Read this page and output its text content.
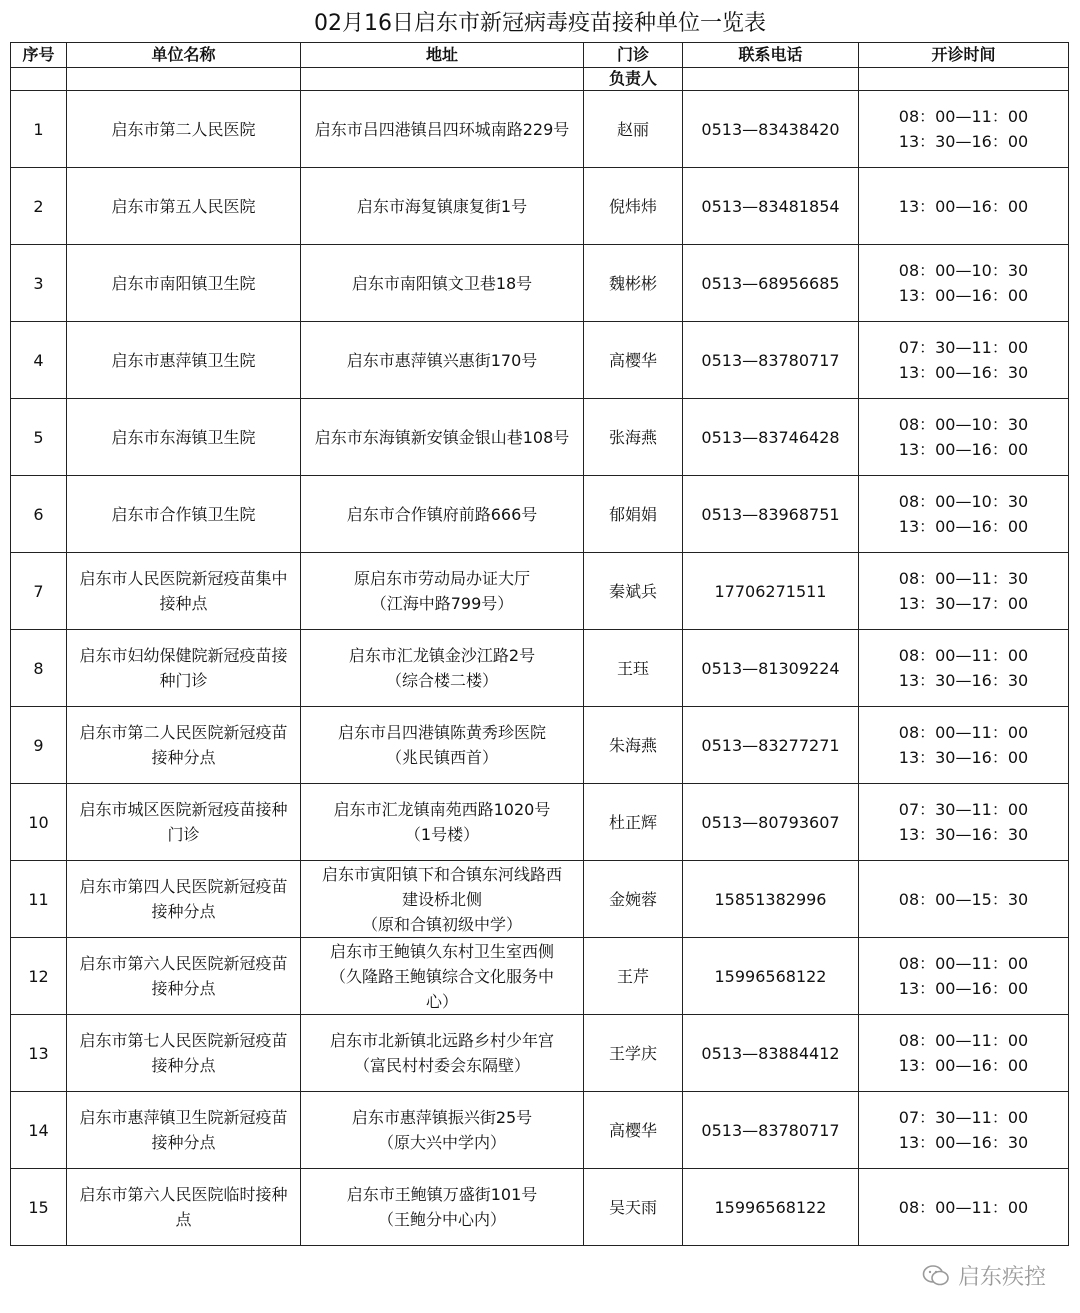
02月16日启东市新冠病毒疫苗接种单位一览表
序号	单位名称	地址	门诊	联系电话	开诊时间
			负责人		

1	启东市第二人民医院	启东市吕四港镇吕四环城南路229号	赵丽	0513—83438420	08：00—11：00
13：30—16：00

2	启东市第五人民医院	启东市海复镇康复街1号	倪炜炜	0513—83481854	13：00—16：00

3	启东市南阳镇卫生院	启东市南阳镇文卫巷18号	魏彬彬	0513—68956685	08：00—10：30
13：00—16：00

4	启东市惠萍镇卫生院	启东市惠萍镇兴惠街170号	高樱华	0513—83780717	07：30—11：00
13：00—16：30

5	启东市东海镇卫生院	启东市东海镇新安镇金银山巷108号	张海燕	0513—83746428	08：00—10：30
13：00—16：00

6	启东市合作镇卫生院	启东市合作镇府前路666号	郁娟娟	0513—83968751	08：00—10：30
13：00—16：00

7	启东市人民医院新冠疫苗集中
接种点	原启东市劳动局办证大厅
（江海中路799号）	秦斌兵	17706271511	08：00—11：30
13：30—17：00

8	启东市妇幼保健院新冠疫苗接
种门诊	启东市汇龙镇金沙江路2号
（综合楼二楼）	王珏	0513—81309224	08：00—11：00
13：30—16：30

9	启东市第二人民医院新冠疫苗
接种分点	启东市吕四港镇陈黄秀珍医院
（兆民镇西首）	朱海燕	0513—83277271	08：00—11：00
13：30—16：00

10	启东市城区医院新冠疫苗接种
门诊	启东市汇龙镇南苑西路1020号
（1号楼）	杜正辉	0513—80793607	07：30—11：00
13：30—16：30

11	启东市第四人民医院新冠疫苗
接种分点	启东市寅阳镇下和合镇东河线路西
建设桥北侧
（原和合镇初级中学）	金婉蓉	15851382996	08：00—15：30

12	启东市第六人民医院新冠疫苗
接种分点	启东市王鲍镇久东村卫生室西侧
（久隆路王鲍镇综合文化服务中
心）	王芹	15996568122	08：00—11：00
13：00—16：00

13	启东市第七人民医院新冠疫苗
接种分点	启东市北新镇北远路乡村少年宫
（富民村村委会东隔壁）	王学庆	0513—83884412	08：00—11：00
13：00—16：00

14	启东市惠萍镇卫生院新冠疫苗
接种分点	启东市惠萍镇振兴街25号
（原大兴中学内）	高樱华	0513—83780717	07：30—11：00
13：00—16：30

15	启东市第六人民医院临时接种
点	启东市王鲍镇万盛街101号
（王鲍分中心内）	吴天雨	15996568122	08：00—11：00
启东疾控
